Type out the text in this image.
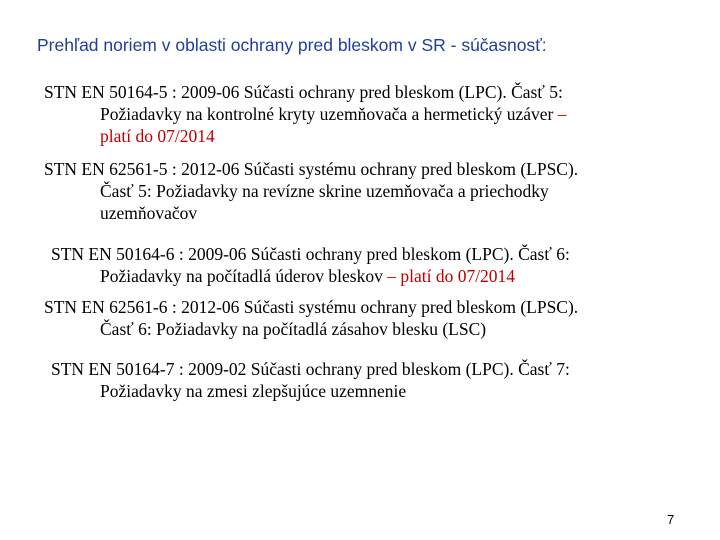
Prehľad noriem v oblasti ochrany pred bleskom v SR - súčasnosť:
STN EN 50164-5 : 2009-06 Súčasti ochrany pred bleskom (LPC). Časť 5:
Požiadavky na kontrolné kryty uzemňovača a hermetický uzáver –
platí do 07/2014
STN EN 62561-5 : 2012-06 Súčasti systému ochrany pred bleskom (LPSC).
Časť 5: Požiadavky na revízne skrine uzemňovača a priechodky
uzemňovačov
STN EN 50164-6 : 2009-06 Súčasti ochrany pred bleskom (LPC). Časť 6:
Požiadavky na počítadlá úderov bleskov – platí do 07/2014
STN EN 62561-6 : 2012-06 Súčasti systému ochrany pred bleskom (LPSC).
Časť 6: Požiadavky na počítadlá zásahov blesku (LSC)
STN EN 50164-7 : 2009-02 Súčasti ochrany pred bleskom (LPC). Časť 7:
Požiadavky na zmesi zlepšujúce uzemnenie
7
